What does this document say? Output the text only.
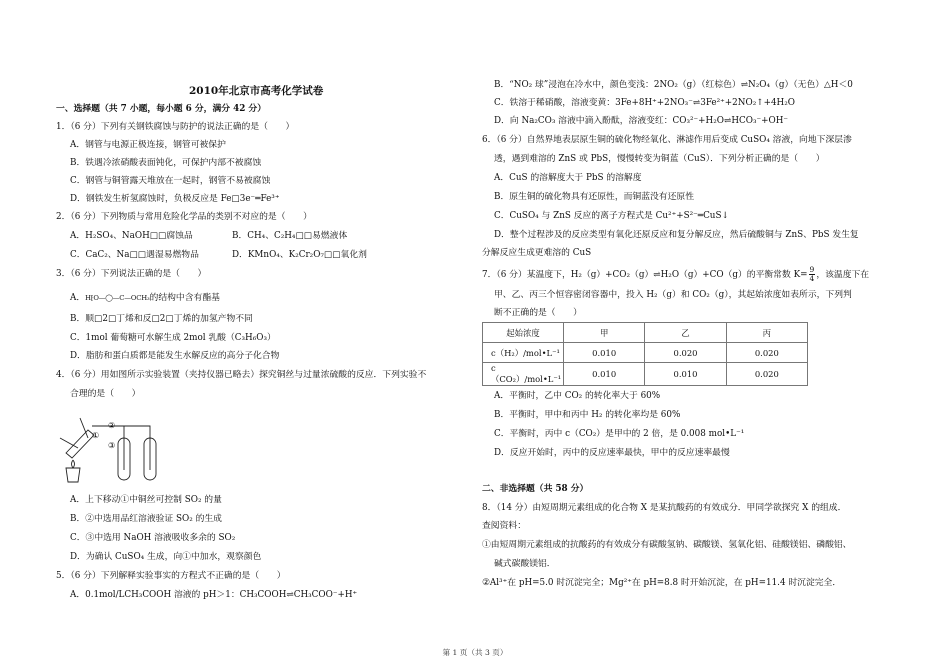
2010年北京市高考化学试卷
一、选择题（共 7 小题，每小题 6 分，满分 42 分）
1．（6 分）下列有关钢铁腐蚀与防护的说法正确的是（　　）
A．钢管与电源正极连接，钢管可被保护
B．铁遇冷浓硝酸表面钝化，可保护内部不被腐蚀
C．钢管与铜管露天堆放在一起时，钢管不易被腐蚀
D．钢铁发生析氢腐蚀时，负极反应是 Fe□3e⁻═Fe³⁺
2．（6 分）下列物质与常用危险化学品的类别不对应的是（　　）
A．H₂SO₄、NaOH□□腐蚀品	B．CH₄、C₂H₄□□易燃液体
C．CaC₂、Na□□遇湿易燃物品	D．KMnO₄、K₂Cr₂O₇□□氧化剂
3．（6 分）下列说法正确的是（　　）
A．H⁅O—◯—C—OCH₃的结构中含有酯基
B．顺□2□丁烯和反□2□丁烯的加氢产物不同
C．1mol 葡萄糖可水解生成 2mol 乳酸（C₃H₆O₃）
D．脂肪和蛋白质都是能发生水解反应的高分子化合物
4．（6 分）用如图所示实验装置（夹持仪器已略去）探究铜丝与过量浓硫酸的反应．下列实验不
合理的是（　　）
①
②
③
A．上下移动①中铜丝可控制 SO₂ 的量
B．②中选用品红溶液验证 SO₂ 的生成
C．③中选用 NaOH 溶液吸收多余的 SO₂
D．为确认 CuSO₄ 生成，向①中加水，观察颜色
5．（6 分）下列解释实验事实的方程式不正确的是（　　）
A．0.1mol/LCH₃COOH 溶液的 pH＞1：CH₃COOH⇌CH₃COO⁻+H⁺
B．“NO₂ 球”浸泡在冷水中，颜色变浅：2NO₂（g）（红棕色）⇌N₂O₄（g）（无色）△H＜0
C．铁溶于稀硝酸，溶液变黄：3Fe+8H⁺+2NO₃⁻⇌3Fe²⁺+2NO₂↑+4H₂O
D．向 Na₂CO₃ 溶液中滴入酚酞，溶液变红：CO₃²⁻+H₂O⇌HCO₃⁻+OH⁻
6．（6 分）自然界地表层原生铜的硫化物经氧化、淋滤作用后变成 CuSO₄ 溶液，向地下深层渗
透，遇到难溶的 ZnS 或 PbS，慢慢转变为铜蓝（CuS）．下列分析正确的是（　　）
A．CuS 的溶解度大于 PbS 的溶解度
B．原生铜的硫化物具有还原性，而铜蓝没有还原性
C．CuSO₄ 与 ZnS 反应的离子方程式是 Cu²⁺+S²⁻═CuS↓
D．整个过程涉及的反应类型有氧化还原反应和复分解反应，然后硫酸铜与 ZnS、PbS 发生复
分解反应生成更难溶的 CuS
7．（6 分）某温度下，H₂（g）+CO₂（g）⇌H₂O（g）+CO（g）的平衡常数 $K= \frac{9}{4}$ ，该温度下在
甲、乙、丙三个恒容密闭容器中，投入 H₂（g）和 CO₂（g），其起始浓度如表所示，下列判
断不正确的是（　　）
起始浓度	甲	乙	丙
c（H₂）/mol•L⁻¹	0.010	0.020	0.020
c（CO₂）/mol•L⁻¹	0.010	0.010	0.020
A．平衡时，乙中 CO₂ 的转化率大于 60%
B．平衡时，甲中和丙中 H₂ 的转化率均是 60%
C．平衡时，丙中 c（CO₂）是甲中的 2 倍，是 0.008 mol•L⁻¹
D．反应开始时，丙中的反应速率最快，甲中的反应速率最慢
二、非选择题（共 58 分）
8．（14 分）由短周期元素组成的化合物 X 是某抗酸药的有效成分．甲同学欲探究 X 的组成．
查阅资料：
①由短周期元素组成的抗酸药的有效成分有碳酸氢钠、碳酸镁、氢氧化铝、硅酸镁铝、磷酸铝、
碱式碳酸镁铝．
②Al³⁺在 pH=5.0 时沉淀完全；Mg²⁺在 pH=8.8 时开始沉淀，在 pH=11.4 时沉淀完全．
第 1 页（共 3 页）
